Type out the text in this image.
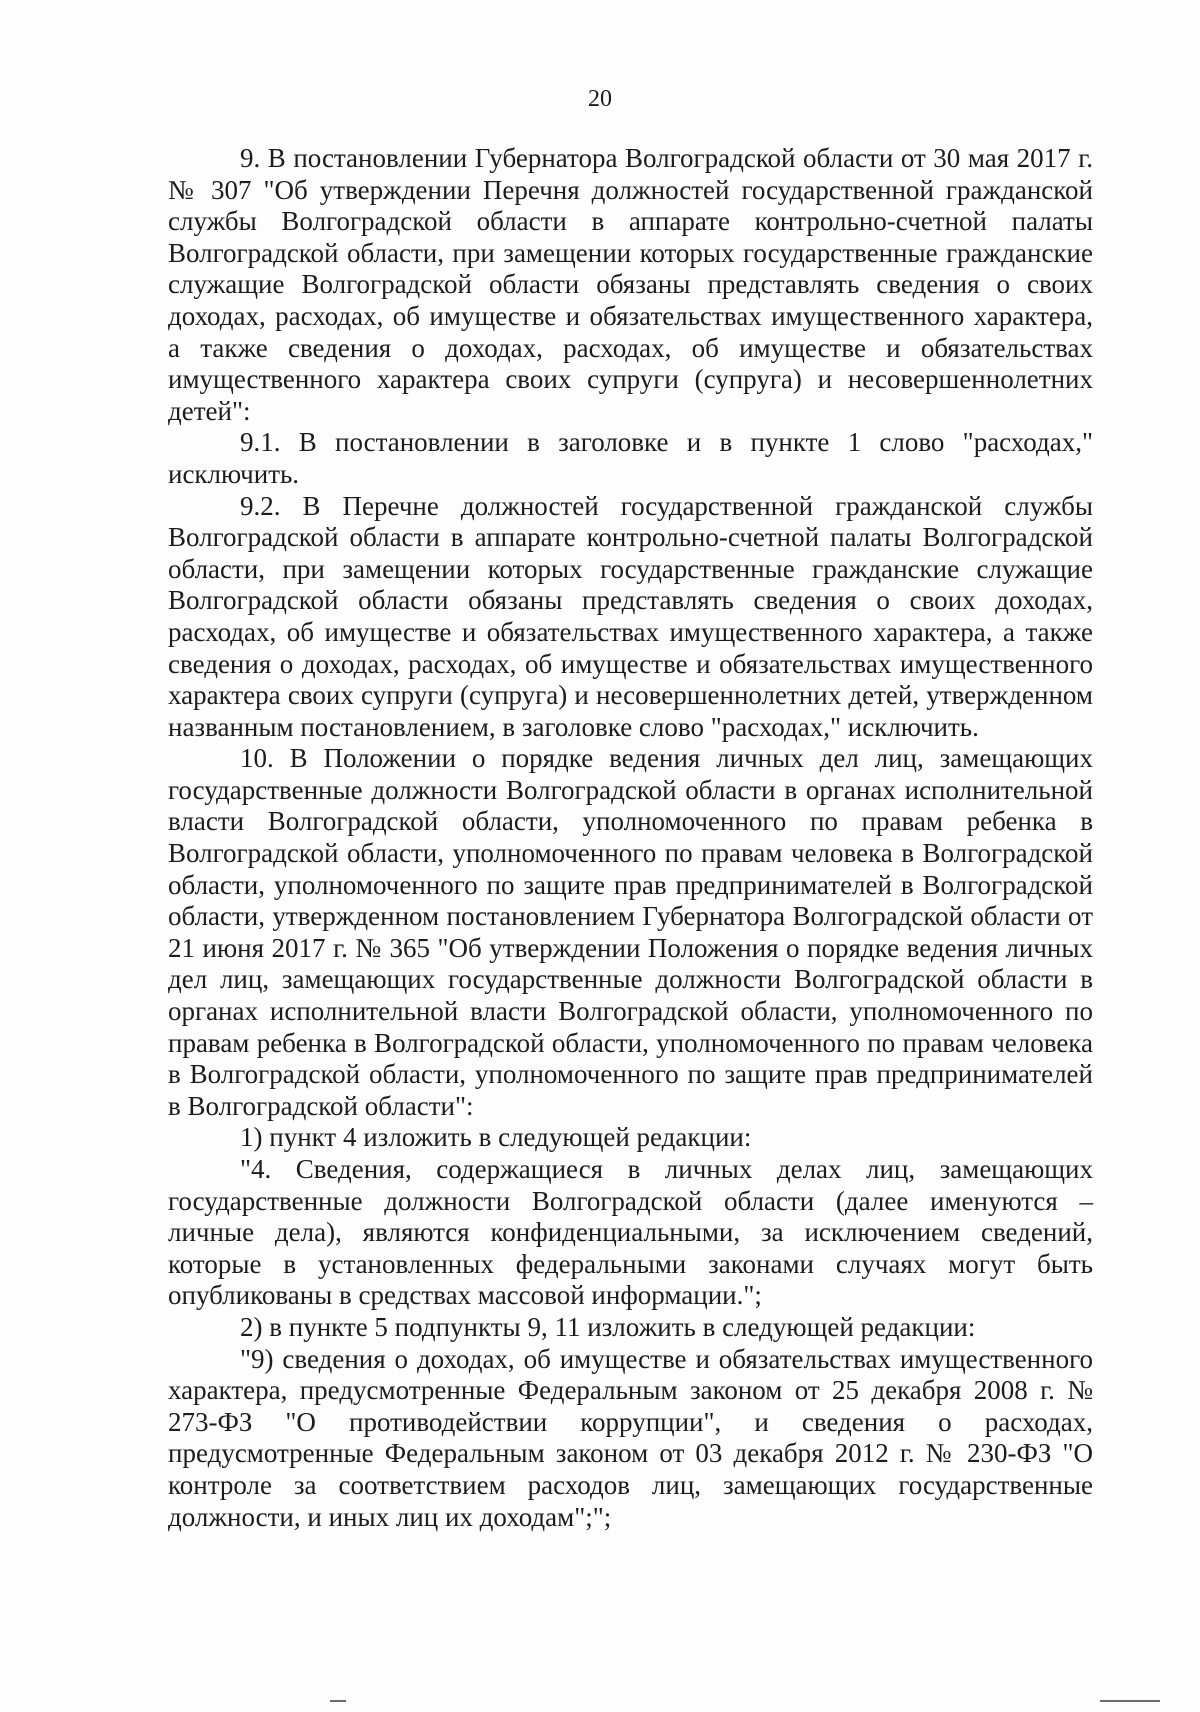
20

9. В постановлении Губернатора Волгоградской области от 30 мая 2017 г. № 307 "Об утверждении Перечня должностей государственной гражданской службы Волгоградской области в аппарате контрольно-счетной палаты Волгоградской области, при замещении которых государственные гражданские служащие Волгоградской области обязаны представлять сведения о своих доходах, расходах, об имуществе и обязательствах имущественного характера, а также сведения о доходах, расходах, об имуществе и обязательствах имущественного характера своих супруги (супруга) и несовершеннолетних детей":

9.1. В постановлении в заголовке и в пункте 1 слово "расходах," исключить.

9.2. В Перечне должностей государственной гражданской службы Волгоградской области в аппарате контрольно-счетной палаты Волгоградской области, при замещении которых государственные гражданские служащие Волгоградской области обязаны представлять сведения о своих доходах, расходах, об имуществе и обязательствах имущественного характера, а также сведения о доходах, расходах, об имуществе и обязательствах имущественного характера своих супруги (супруга) и несовершеннолетних детей, утвержденном названным постановлением, в заголовке слово "расходах," исключить.

10. В Положении о порядке ведения личных дел лиц, замещающих государственные должности Волгоградской области в органах исполнительной власти Волгоградской области, уполномоченного по правам ребенка в Волгоградской области, уполномоченного по правам человека в Волгоградской области, уполномоченного по защите прав предпринимателей в Волгоградской области, утвержденном постановлением Губернатора Волгоградской области от 21 июня 2017 г. № 365 "Об утверждении Положения о порядке ведения личных дел лиц, замещающих государственные должности Волгоградской области в органах исполнительной власти Волгоградской области, уполномоченного по правам ребенка в Волгоградской области, уполномоченного по правам человека в Волгоградской области, уполномоченного по защите прав предпринимателей в Волгоградской области":

1) пункт 4 изложить в следующей редакции:

"4. Сведения, содержащиеся в личных делах лиц, замещающих государственные должности Волгоградской области (далее именуются – личные дела), являются конфиденциальными, за исключением сведений, которые в установленных федеральными законами случаях могут быть опубликованы в средствах массовой информации.";

2) в пункте 5 подпункты 9, 11 изложить в следующей редакции:

"9) сведения о доходах, об имуществе и обязательствах имущественного характера, предусмотренные Федеральным законом от 25 декабря 2008 г. № 273-ФЗ "О противодействии коррупции", и сведения о расходах, предусмотренные Федеральным законом от 03 декабря 2012 г. № 230-ФЗ "О контроле за соответствием расходов лиц, замещающих государственные должности, и иных лиц их доходам";";
